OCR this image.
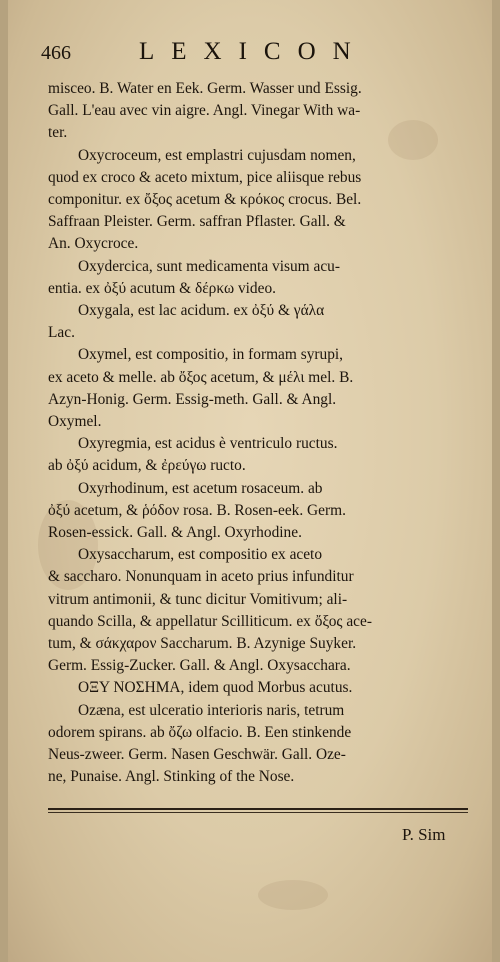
466	LEXICON
misceo. B. Water en Eek. Germ. Wasser und Essig.
Gall. L'eau avec vin aigre. Angl. Vinegar With wa-
ter.
Oxycroceum, est emplastri cujusdam nomen,
quod ex croco & aceto mixtum, pice aliisque rebus
componitur. ex ὄξος acetum & κρόκος crocus. Bel.
Saffraan Pleister. Germ. saffran Pflaster. Gall. &
An. Oxycroce.
Oxydercica, sunt medicamenta visum acu-
entia. ex ὀξύ acutum & δέρκω video.
Oxygala, est lac acidum. ex ὀξύ & γάλα
Lac.
Oxymel, est compositio, in formam syrupi,
ex aceto & melle. ab ὄξος acetum, & μέλι mel. B.
Azyn-Honig. Germ. Essig-meth. Gall. & Angl.
Oxymel.
Oxyregmia, est acidus è ventriculo ructus.
ab ὀξύ acidum, & ἐρεύγω ructo.
Oxyrhodinum, est acetum rosaceum. ab
ὀξύ acetum, & ῥόδον rosa. B. Rosen-eek. Germ.
Rosen-essick. Gall. & Angl. Oxyrhodine.
Oxysaccharum, est compositio ex aceto
& saccharo. Nonunquam in aceto prius infunditur
vitrum antimonii, & tunc dicitur Vomitivum; ali-
quando Scilla, & appellatur Scilliticum. ex ὄξος ace-
tum, & σάκχαρον Saccharum. B. Azynige Suyker.
Germ. Essig-Zucker. Gall. & Angl. Oxysacchara.
ΟΞΥ ΝΟΣΗΜΑ, idem quod Morbus acutus.
Ozæna, est ulceratio interioris naris, tetrum
odorem spirans. ab ὄζω olfacio. B. Een stinkende
Neus-zweer. Germ. Nasen Geschwär. Gall. Oze-
ne, Punaise. Angl. Stinking of the Nose.
P. Sim
